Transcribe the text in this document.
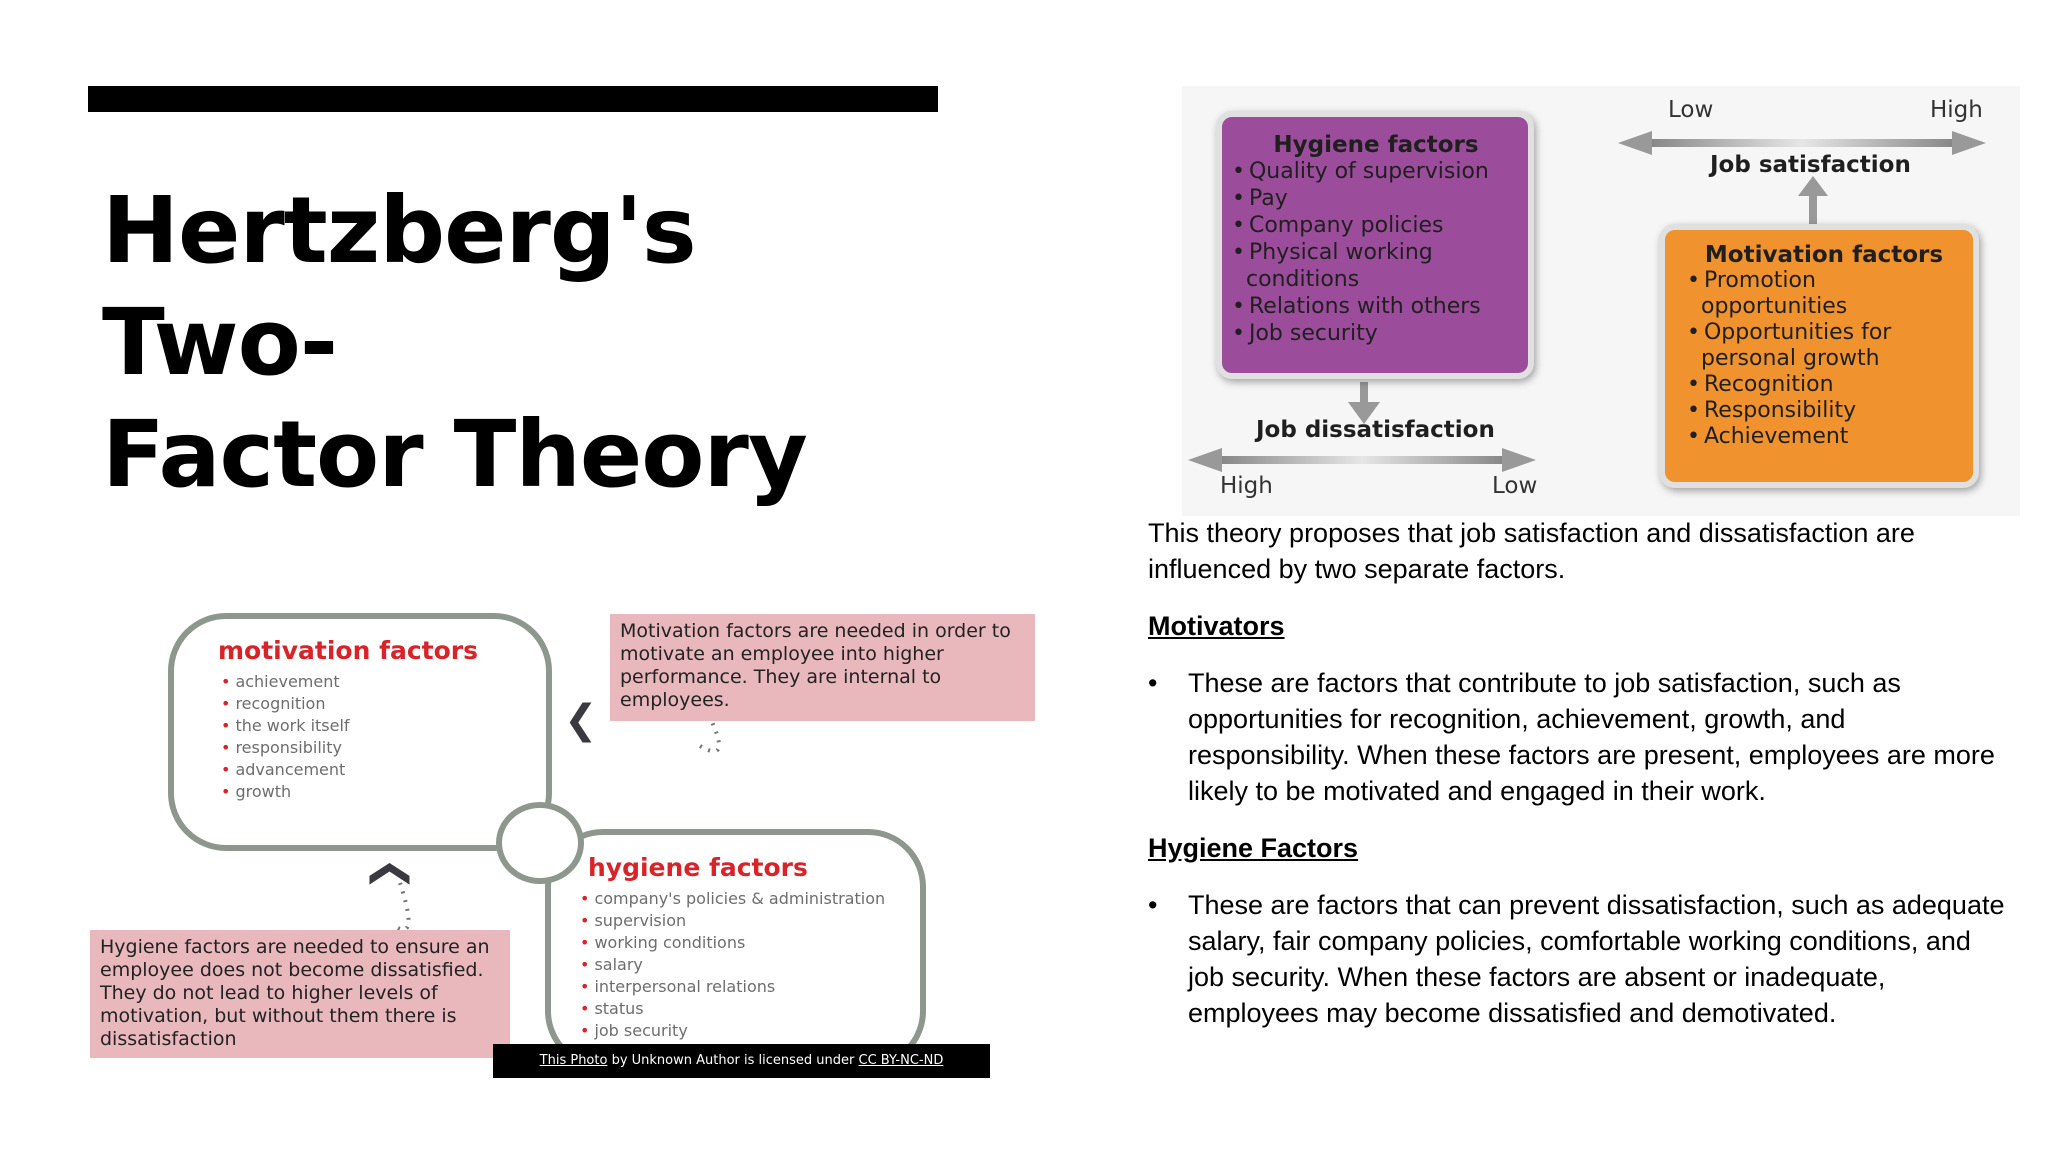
Hertzberg's Two-
Factor Theory
motivation factors
• achievement
• recognition
• the work itself
• responsibility
• advancement
• growth
hygiene factors
• company's policies & administration
• supervision
• working conditions
• salary
• interpersonal relations
• status
• job security
Motivation factors are needed in order to motivate an employee into higher performance. They are internal to employees.
Hygiene factors are needed to ensure an employee does not become dissatisfied. They do not lead to higher levels of motivation, but without them there is dissatisfaction
❮
❮
This Photo by Unknown Author is licensed under CC BY-NC-ND
Low	High
Job satisfaction

Hygiene factors

• Quality of supervision
• Pay
• Company policies
• Physical working conditions
• Relations with others
• Job security

Motivation factors

• Promotion opportunities
• Opportunities for personal growth
• Recognition
• Responsibility
• Achievement
Job dissatisfaction
High	Low

This theory proposes that job satisfaction and dissatisfaction are influenced by two separate factors.

Motivators

•	These are factors that contribute to job satisfaction, such as opportunities for recognition, achievement, growth, and responsibility. When these factors are present, employees are more likely to be motivated and engaged in their work.

Hygiene Factors

•	These are factors that can prevent dissatisfaction, such as adequate salary, fair company policies, comfortable working conditions, and job security. When these factors are absent or inadequate, employees may become dissatisfied and demotivated.
